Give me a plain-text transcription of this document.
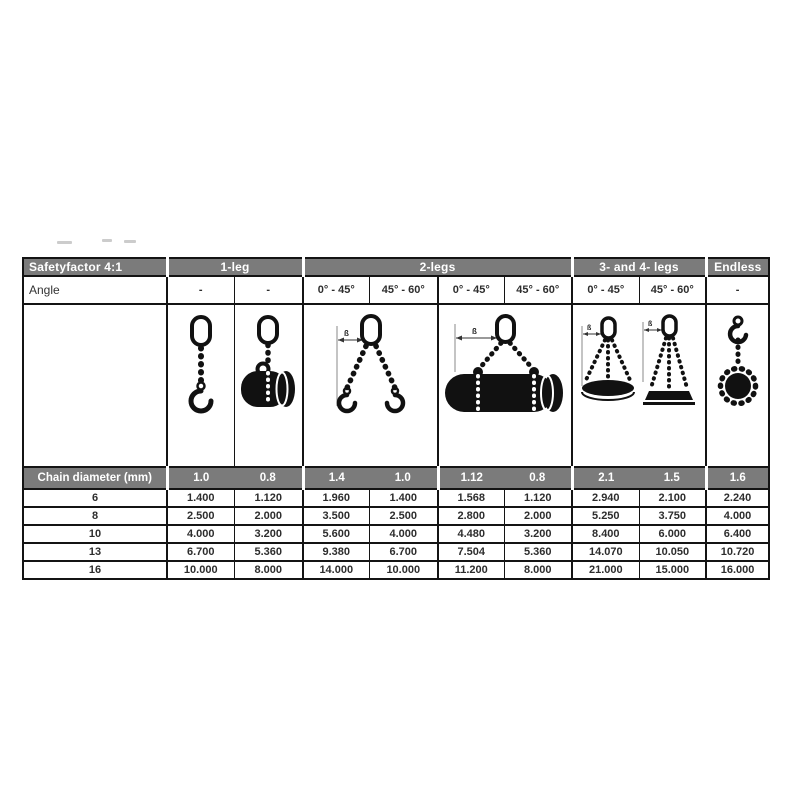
Safetyfactor 4:1	1-leg		2-legs				3- and 4- legs		Endless
Angle	-	-	0° - 45°	45° - 60°	0° - 45°	45° - 60°	0° - 45°	45° - 60°	-

ß		ß		ß
ß

Chain diameter (mm)	1.0	0.8	1.4	1.0	1.12	0.8	2.1	1.5	1.6
6	1.400	1.120	1.960	1.400	1.568	1.120	2.940	2.100	2.240
8	2.500	2.000	3.500	2.500	2.800	2.000	5.250	3.750	4.000
10	4.000	3.200	5.600	4.000	4.480	3.200	8.400	6.000	6.400
13	6.700	5.360	9.380	6.700	7.504	5.360	14.070	10.050	10.720
16	10.000	8.000	14.000	10.000	11.200	8.000	21.000	15.000	16.000
